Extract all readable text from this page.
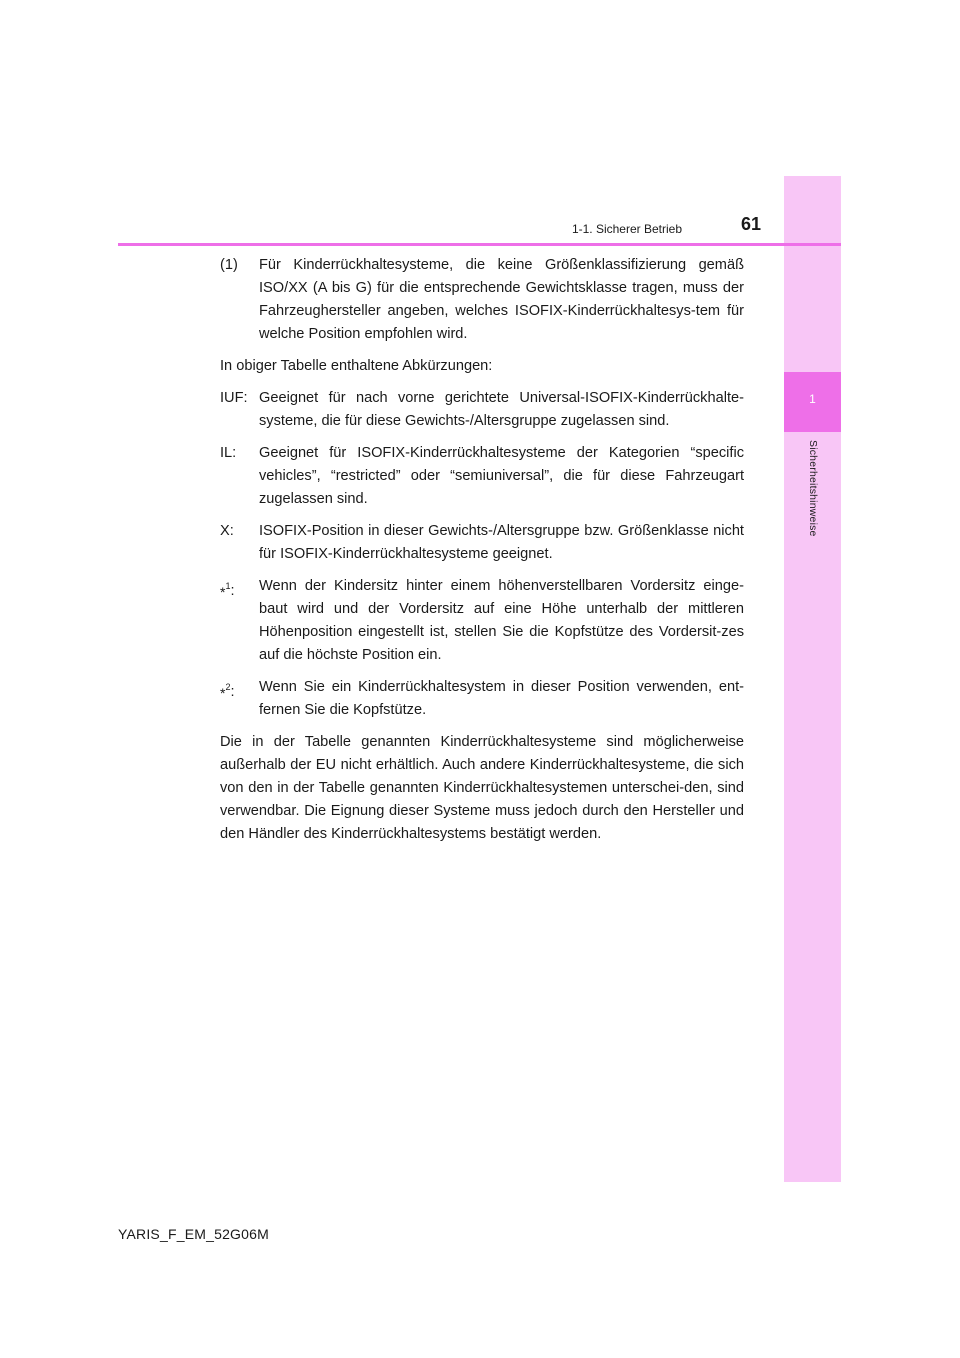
1
Sicherheitshinweise
1-1. Sicherer Betrieb	61
(1)	Für Kinderrückhaltesysteme, die keine Größenklassifizierung gemäß ISO/XX (A bis G) für die entsprechende Gewichtsklasse tragen, muss der Fahrzeughersteller angeben, welches ISOFIX-Kinderrückhaltesys-tem für welche Position empfohlen wird.

In obiger Tabelle enthaltene Abkürzungen:

IUF: Geeignet für nach vorne gerichtete Universal-ISOFIX-Kinderrückhalte-systeme, die für diese Gewichts-/Altersgruppe zugelassen sind.
IL:	Geeignet für ISOFIX-Kinderrückhaltesysteme der Kategorien “specific vehicles”, “restricted” oder “semiuniversal”, die für diese Fahrzeugart zugelassen sind.
X:	ISOFIX-Position in dieser Gewichts-/Altersgruppe bzw. Größenklasse nicht für ISOFIX-Kinderrückhaltesysteme geeignet.
*$^1$:	Wenn der Kindersitz hinter einem höhenverstellbaren Vordersitz einge-baut wird und der Vordersitz auf eine Höhe unterhalb der mittleren Höhenposition eingestellt ist, stellen Sie die Kopfstütze des Vordersit-zes auf die höchste Position ein.
*$^2$:	Wenn Sie ein Kinderrückhaltesystem in dieser Position verwenden, ent-fernen Sie die Kopfstütze.

Die in der Tabelle genannten Kinderrückhaltesysteme sind möglicherweise außerhalb der EU nicht erhältlich. Auch andere Kinderrückhaltesysteme, die sich von den in der Tabelle genannten Kinderrückhaltesystemen unterschei-den, sind verwendbar. Die Eignung dieser Systeme muss jedoch durch den Hersteller und den Händler des Kinderrückhaltesystems bestätigt werden.

YARIS_F_EM_52G06M
